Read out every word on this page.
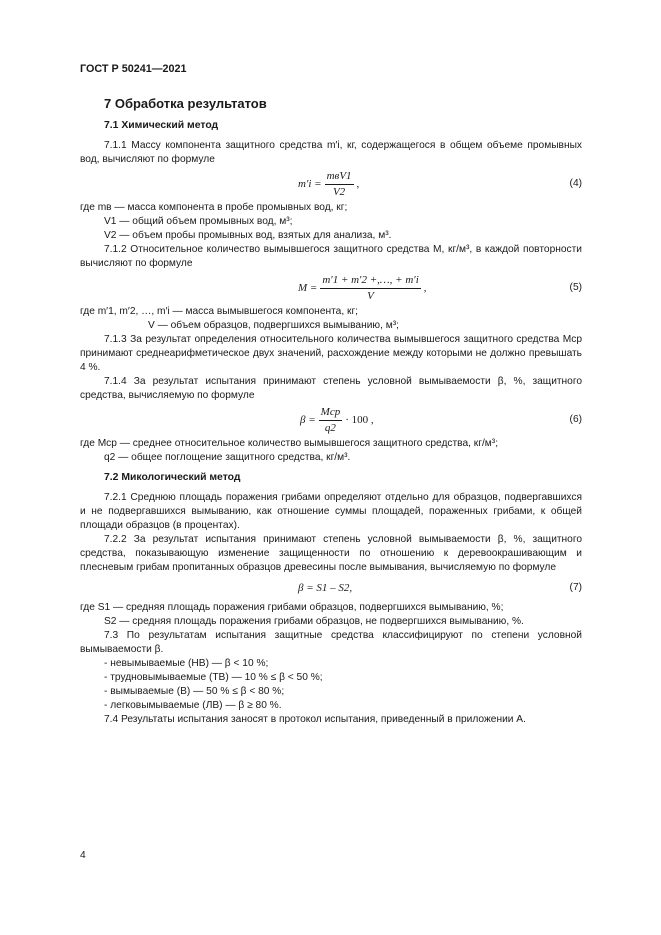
ГОСТ Р 50241—2021
7 Обработка результатов
7.1 Химический метод

7.1.1 Массу компонента защитного средства m′i, кг, содержащегося в общем объеме промывных вод, вычисляют по формуле

$m'i = \frac{\text{mвV1}}{V2}$ ,	(4)

где mв — масса компонента в пробе промывных вод, кг;

V1 — общий объем промывных вод, м³;

V2 — объем пробы промывных вод, взятых для анализа, м³.

7.1.2 Относительное количество вымывшегося защитного средства M, кг/м³, в каждой повторности вычисляют по формуле

$M = \frac{m'1 + m'2 +,\dots, + m'i}{V}$ ,	(5)

где m′1, m′2, …, m′i — масса вымывшегося компонента, кг;

V — объем образцов, подвергшихся вымыванию, м³;

7.1.3 За результат определения относительного количества вымывшегося защитного средства Mср принимают среднеарифметическое двух значений, расхождение между которыми не должно превышать 4 %.

7.1.4 За результат испытания принимают степень условной вымываемости β, %, защитного средства, вычисляемую по формуле

$\beta = \frac{\text{Mср}}{q2} \cdot 100$ ,	(6)

где Mср — среднее относительное количество вымывшегося защитного средства, кг/м³;

q2 — общее поглощение защитного средства, кг/м³.

7.2 Микологический метод

7.2.1 Среднюю площадь поражения грибами определяют отдельно для образцов, подвергавшихся и не подвергавшихся вымыванию, как отношение суммы площадей, пораженных грибами, к общей площади образцов (в процентах).

7.2.2 За результат испытания принимают степень условной вымываемости β, %, защитного средства, показывающую изменение защищенности по отношению к деревоокрашивающим и плесневым грибам пропитанных образцов древесины после вымывания, вычисляемую по формуле

β = S1 – S2,	(7)

где S1 — средняя площадь поражения грибами образцов, подвергшихся вымыванию, %;

S2 — средняя площадь поражения грибами образцов, не подвергшихся вымыванию, %.

7.3 По результатам испытания защитные средства классифицируют по степени условной вымываемости β.

- невымываемые (НВ) — β < 10 %;

- трудновымываемые (ТВ) — 10 % ≤ β < 50 %;

- вымываемые (В) — 50 % ≤ β < 80 %;

- легковымываемые (ЛВ) — β ≥ 80 %.

7.4 Результаты испытания заносят в протокол испытания, приведенный в приложении А.

4
